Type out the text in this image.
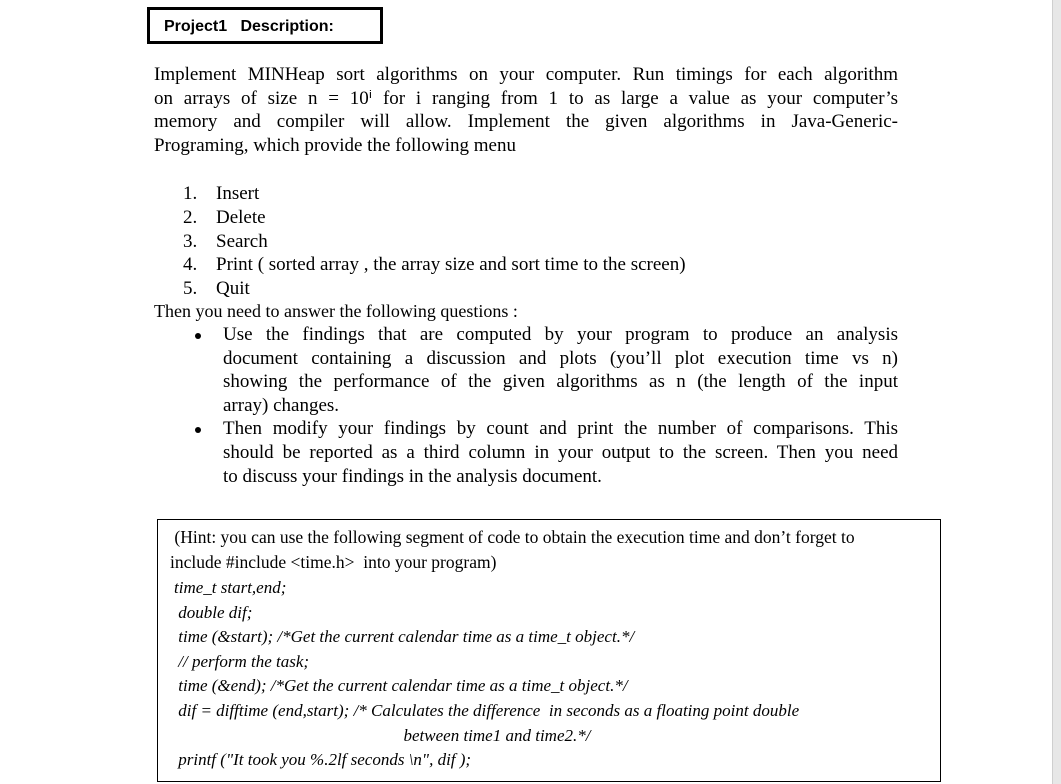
Project1   Description:
Implement MINHeap sort algorithms on your computer. Run timings for each algorithm
on arrays of size n = 10ⁱ for i ranging from 1 to as large a value as your computer’s
memory and compiler will allow. Implement the given algorithms in Java-Generic-
Programing, which provide the following menu
1. Insert
2. Delete
3. Search
4. Print ( sorted array , the array size and sort time to the screen)
5. Quit
Then you need to answer the following questions :
Use the findings that are computed by your program to produce an analysis
document containing a discussion and plots (you’ll plot execution time vs n)
showing the performance of the given algorithms as n (the length of the input
array) changes.
Then modify your findings by count and print the number of comparisons. This
should be reported as a third column in your output to the screen. Then you need
to discuss your findings in the analysis document.
(Hint: you can use the following segment of code to obtain the execution time and don’t forget to
include #include <time.h>  into your program)
time_t start,end;
double dif;
time (&start); /*Get the current calendar time as a time_t object.*/
// perform the task;
time (&end); /*Get the current calendar time as a time_t object.*/
dif = difftime (end,start); /* Calculates the difference  in seconds as a floating point double
between time1 and time2.*/
printf ("It took you %.2lf seconds \n", dif );
